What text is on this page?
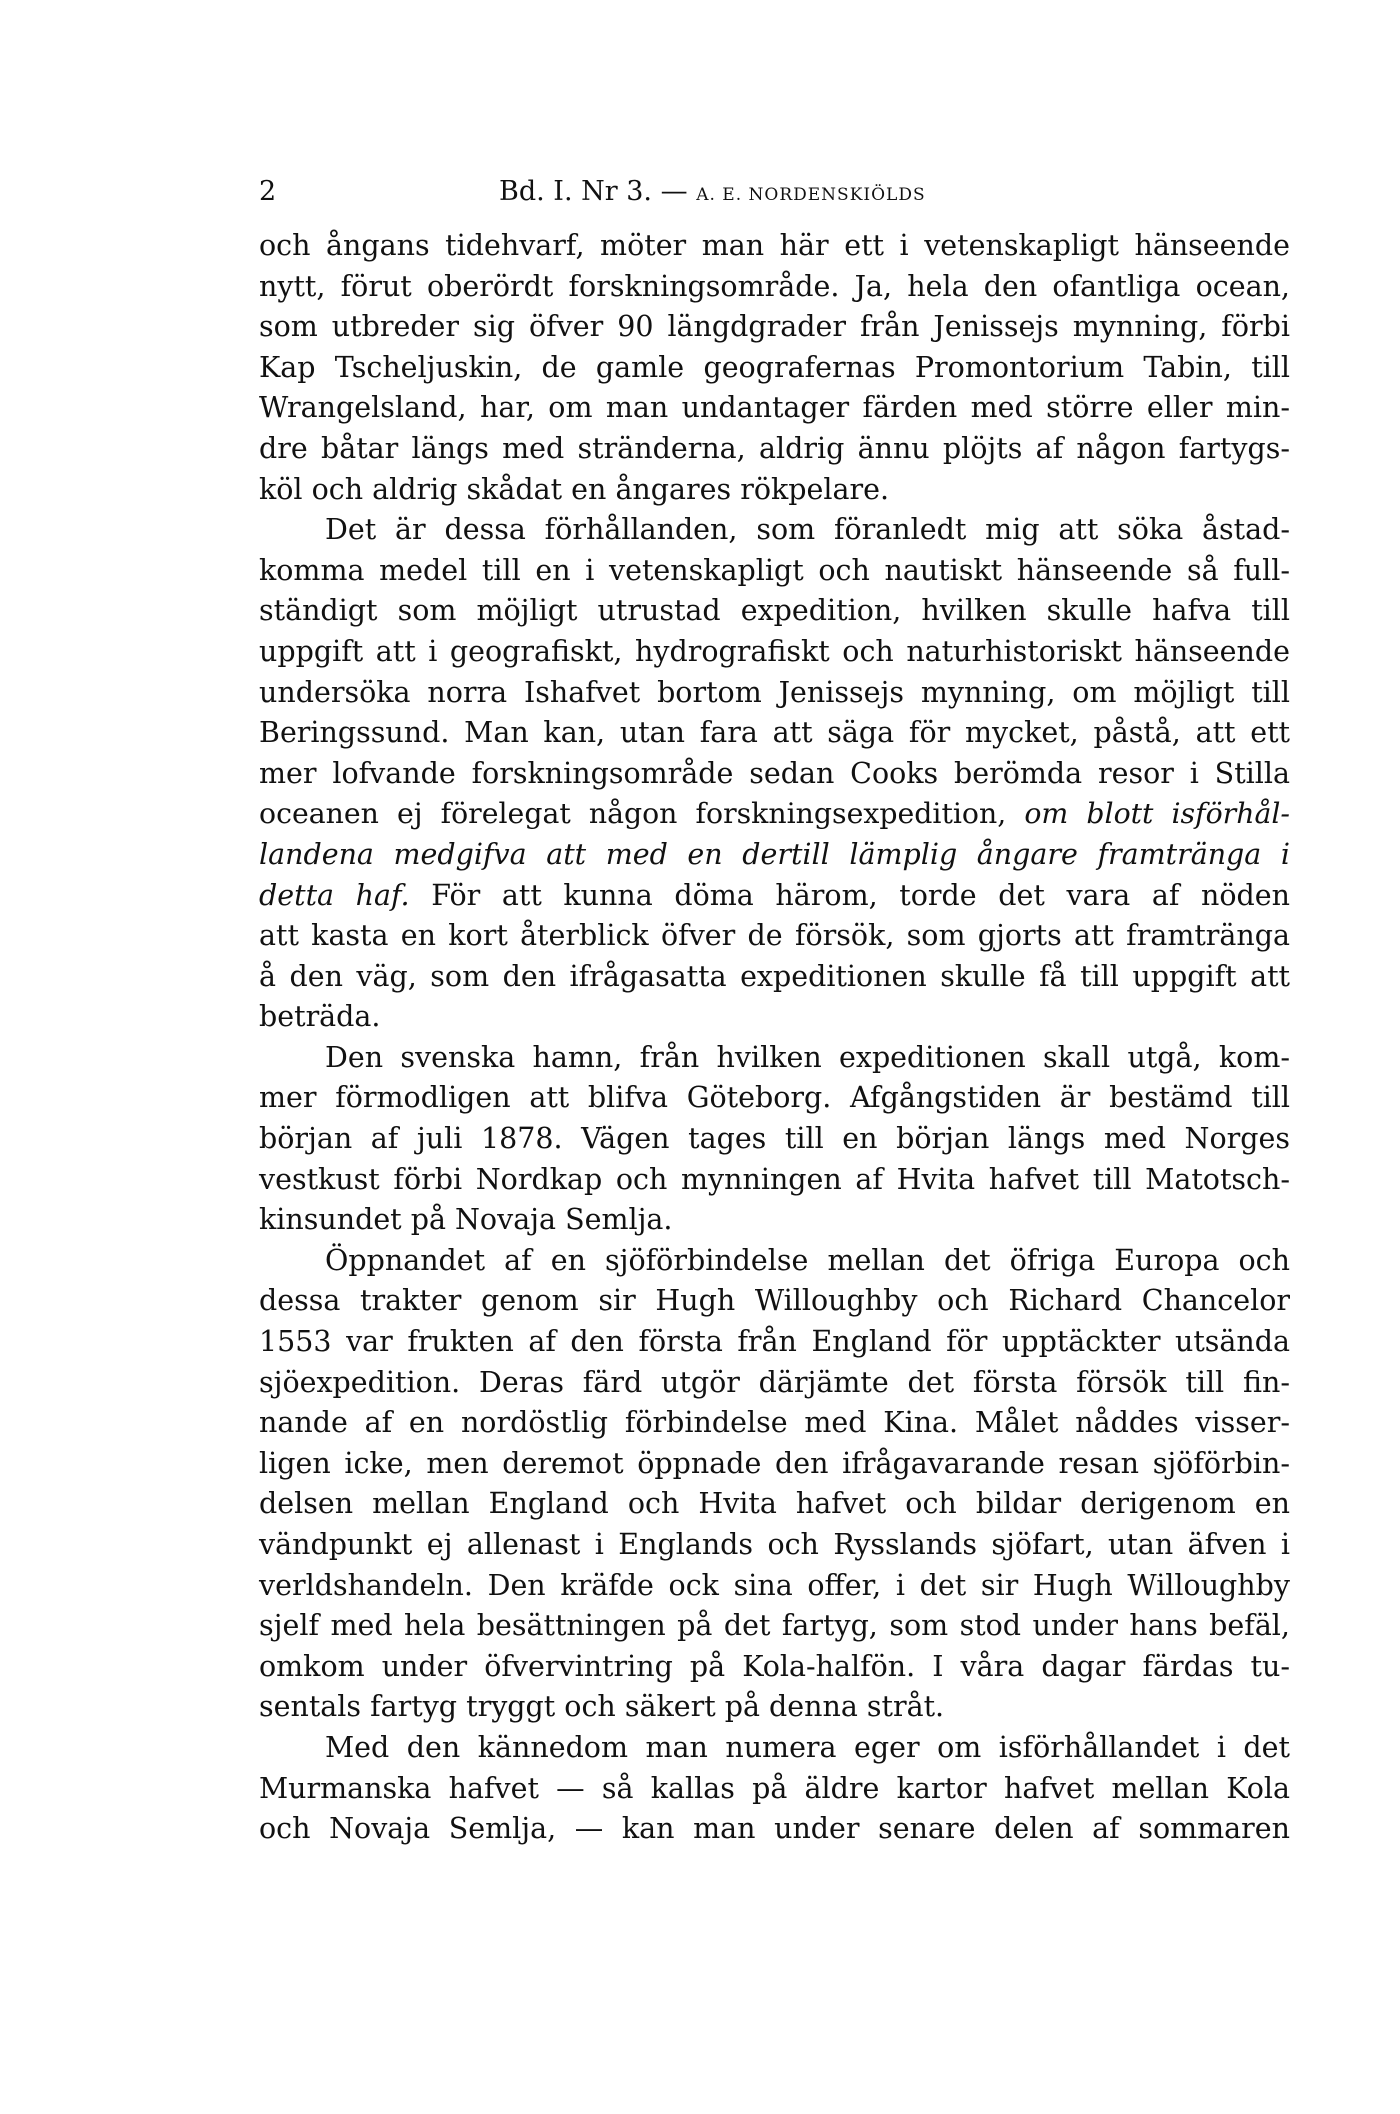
2	Bd. I. Nr 3. — A. E. NORDENSKIÖLDS
och ångans tidehvarf, möter man här ett i vetenskapligt hänseende
nytt, förut oberördt forskningsområde. Ja, hela den ofantliga ocean,
som utbreder sig öfver 90 längdgrader från Jenissejs mynning, förbi
Kap Tscheljuskin, de gamle geografernas Promontorium Tabin, till
Wrangelsland, har, om man undantager färden med större eller min-
dre båtar längs med stränderna, aldrig ännu plöjts af någon fartygs-
köl och aldrig skådat en ångares rökpelare.
Det är dessa förhållanden, som föranledt mig att söka åstad-
komma medel till en i vetenskapligt och nautiskt hänseende så full-
ständigt som möjligt utrustad expedition, hvilken skulle hafva till
uppgift att i geografiskt, hydrografiskt och naturhistoriskt hänseende
undersöka norra Ishafvet bortom Jenissejs mynning, om möjligt till
Beringssund. Man kan, utan fara att säga för mycket, påstå, att ett
mer lofvande forskningsområde sedan Cooks berömda resor i Stilla
oceanen ej förelegat någon forskningsexpedition, om blott isförhål-
landena medgifva att med en dertill lämplig ångare framtränga i
detta haf. För att kunna döma härom, torde det vara af nöden
att kasta en kort återblick öfver de försök, som gjorts att framtränga
å den väg, som den ifrågasatta expeditionen skulle få till uppgift att
beträda.
Den svenska hamn, från hvilken expeditionen skall utgå, kom-
mer förmodligen att blifva Göteborg. Afgångstiden är bestämd till
början af juli 1878. Vägen tages till en början längs med Norges
vestkust förbi Nordkap och mynningen af Hvita hafvet till Matotsch-
kinsundet på Novaja Semlja.
Öppnandet af en sjöförbindelse mellan det öfriga Europa och
dessa trakter genom sir Hugh Willoughby och Richard Chancelor
1553 var frukten af den första från England för upptäckter utsända
sjöexpedition. Deras färd utgör därjämte det första försök till fin-
nande af en nordöstlig förbindelse med Kina. Målet nåddes visser-
ligen icke, men deremot öppnade den ifrågavarande resan sjöförbin-
delsen mellan England och Hvita hafvet och bildar derigenom en
vändpunkt ej allenast i Englands och Rysslands sjöfart, utan äfven i
verldshandeln. Den kräfde ock sina offer, i det sir Hugh Willoughby
sjelf med hela besättningen på det fartyg, som stod under hans befäl,
omkom under öfvervintring på Kola-halfön. I våra dagar färdas tu-
sentals fartyg tryggt och säkert på denna stråt.
Med den kännedom man numera eger om isförhållandet i det
Murmanska hafvet — så kallas på äldre kartor hafvet mellan Kola
och Novaja Semlja, — kan man under senare delen af sommaren
